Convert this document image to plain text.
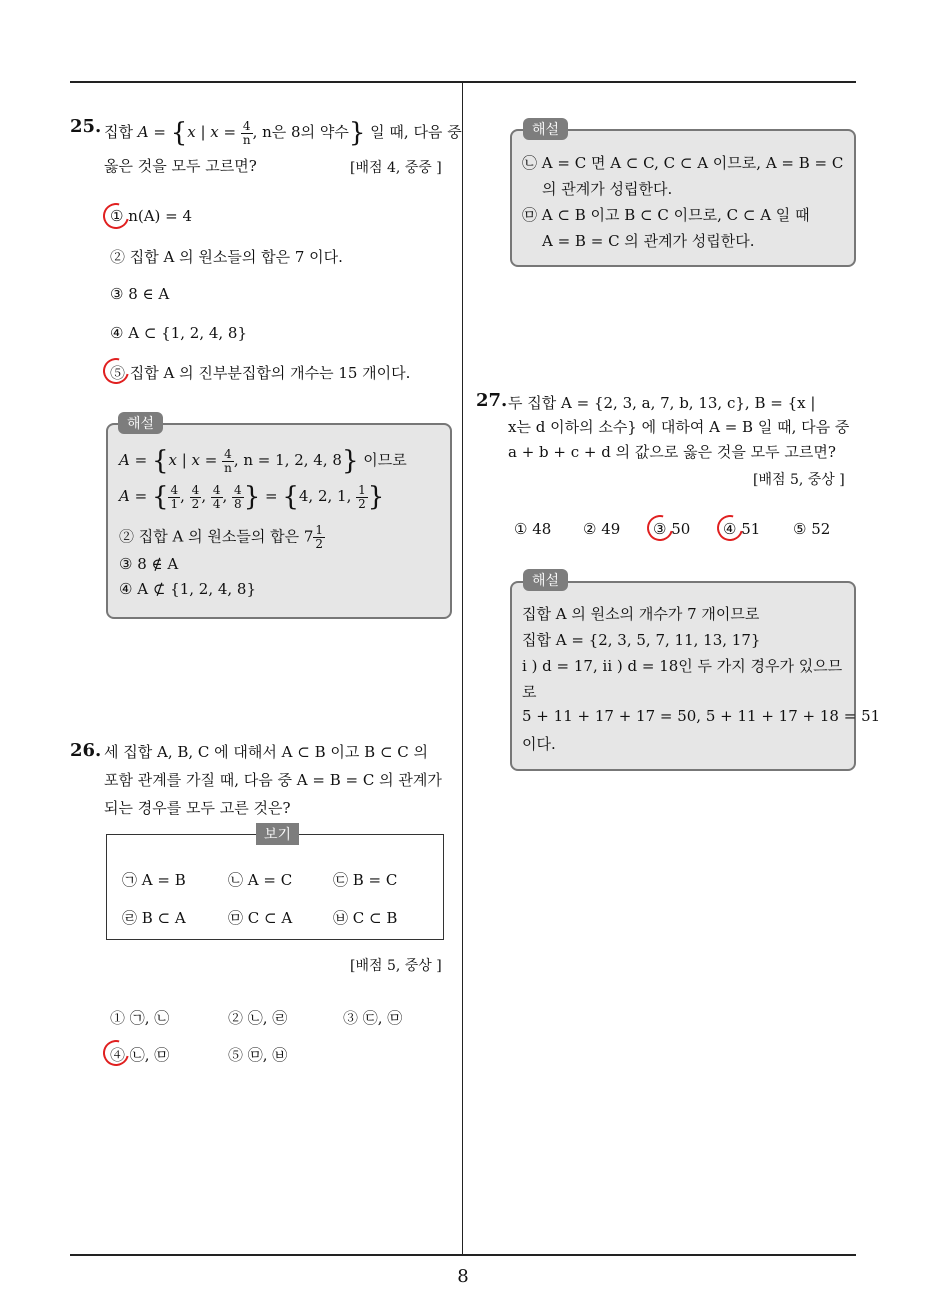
8
25. 집합 A = {x | $x = \frac{4}{n}$ , n은 8의 약수} 일 때, 다음 중
옳은 것을 모두 고르면?	[배점 4, 중중 ]
① n(A) = 4
② 집합 A 의 원소들의 합은 7 이다.
③ 8 ∈ A
④ A ⊂ {1, 2, 4, 8}
⑤ 집합 A 의 진부분집합의 개수는 15 개이다.
해설
A = {x | $x = \frac{4}{n}$ , n = 1, 2, 4, 8} 이므로
A = { $\frac{4}{1}$ , $\frac{4}{2}$ , $\frac{4}{4}$ , $\frac{4}{8}$ } = {4, 2, 1, $\frac{1}{2}$ }
② 집합 A 의 원소들의 합은 $7 \frac{1}{2}$
③ 8 ∉ A
④ A ⊄ {1, 2, 4, 8}
26. 세 집합 A, B, C 에 대해서 A ⊂ B 이고 B ⊂ C 의
포함 관계를 가질 때, 다음 중 A = B = C 의 관계가
되는 경우를 모두 고른 것은?
보기
㉠ A = B	㉡ A = C	㉢ B = C
㉣ B ⊂ A	㉤ C ⊂ A	㉥ C ⊂ B
[배점 5, 중상 ]
① ㉠, ㉡	② ㉡, ㉣	③ ㉢, ㉤
④ ㉡, ㉤	⑤ ㉤, ㉥
해설
㉡ A = C 면 A ⊂ C, C ⊂ A 이므로, A = B = C
의 관계가 성립한다.
㉤ A ⊂ B 이고 B ⊂ C 이므로, C ⊂ A 일 때
A = B = C 의 관계가 성립한다.
27. 두 집합 A = {2, 3, a, 7, b, 13, c}, B = {x |
x는 d 이하의 소수} 에 대하여 A = B 일 때, 다음 중
a + b + c + d 의 값으로 옳은 것을 모두 고르면?
[배점 5, 중상 ]
① 48 ② 49 ③ 50 ④ 51 ⑤ 52
해설
집합 A 의 원소의 개수가 7 개이므로
집합 A = {2, 3, 5, 7, 11, 13, 17}
i ) d = 17, ii ) d = 18인 두 가지 경우가 있으므
로
5 + 11 + 17 + 17 = 50, 5 + 11 + 17 + 18 = 51
이다.
